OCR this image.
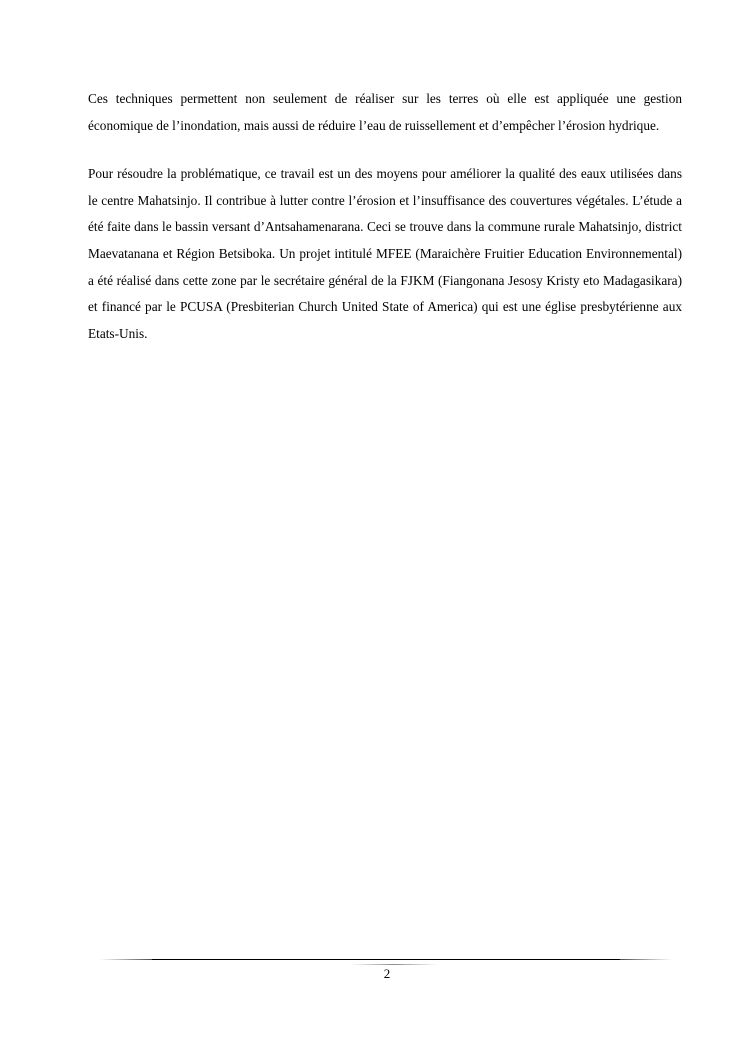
Ces techniques permettent non seulement de réaliser sur les terres où elle est appliquée une gestion économique de l’inondation, mais aussi de réduire l’eau de ruissellement et d’empêcher l’érosion hydrique.

Pour résoudre la problématique, ce travail est un des moyens pour améliorer la qualité des eaux utilisées dans le centre Mahatsinjo. Il contribue à lutter contre l’érosion et l’insuffisance des couvertures végétales. L’étude a été faite dans le bassin versant d’Antsahamenarana. Ceci se trouve dans la commune rurale Mahatsinjo, district Maevatanana et Région Betsiboka. Un projet intitulé MFEE (Maraichère Fruitier Education Environnemental) a été réalisé dans cette zone par le secrétaire général de la FJKM (Fiangonana Jesosy Kristy eto Madagasikara) et financé par le PCUSA (Presbiterian Church United State of America) qui est une église presbytérienne aux Etats-Unis.

2
